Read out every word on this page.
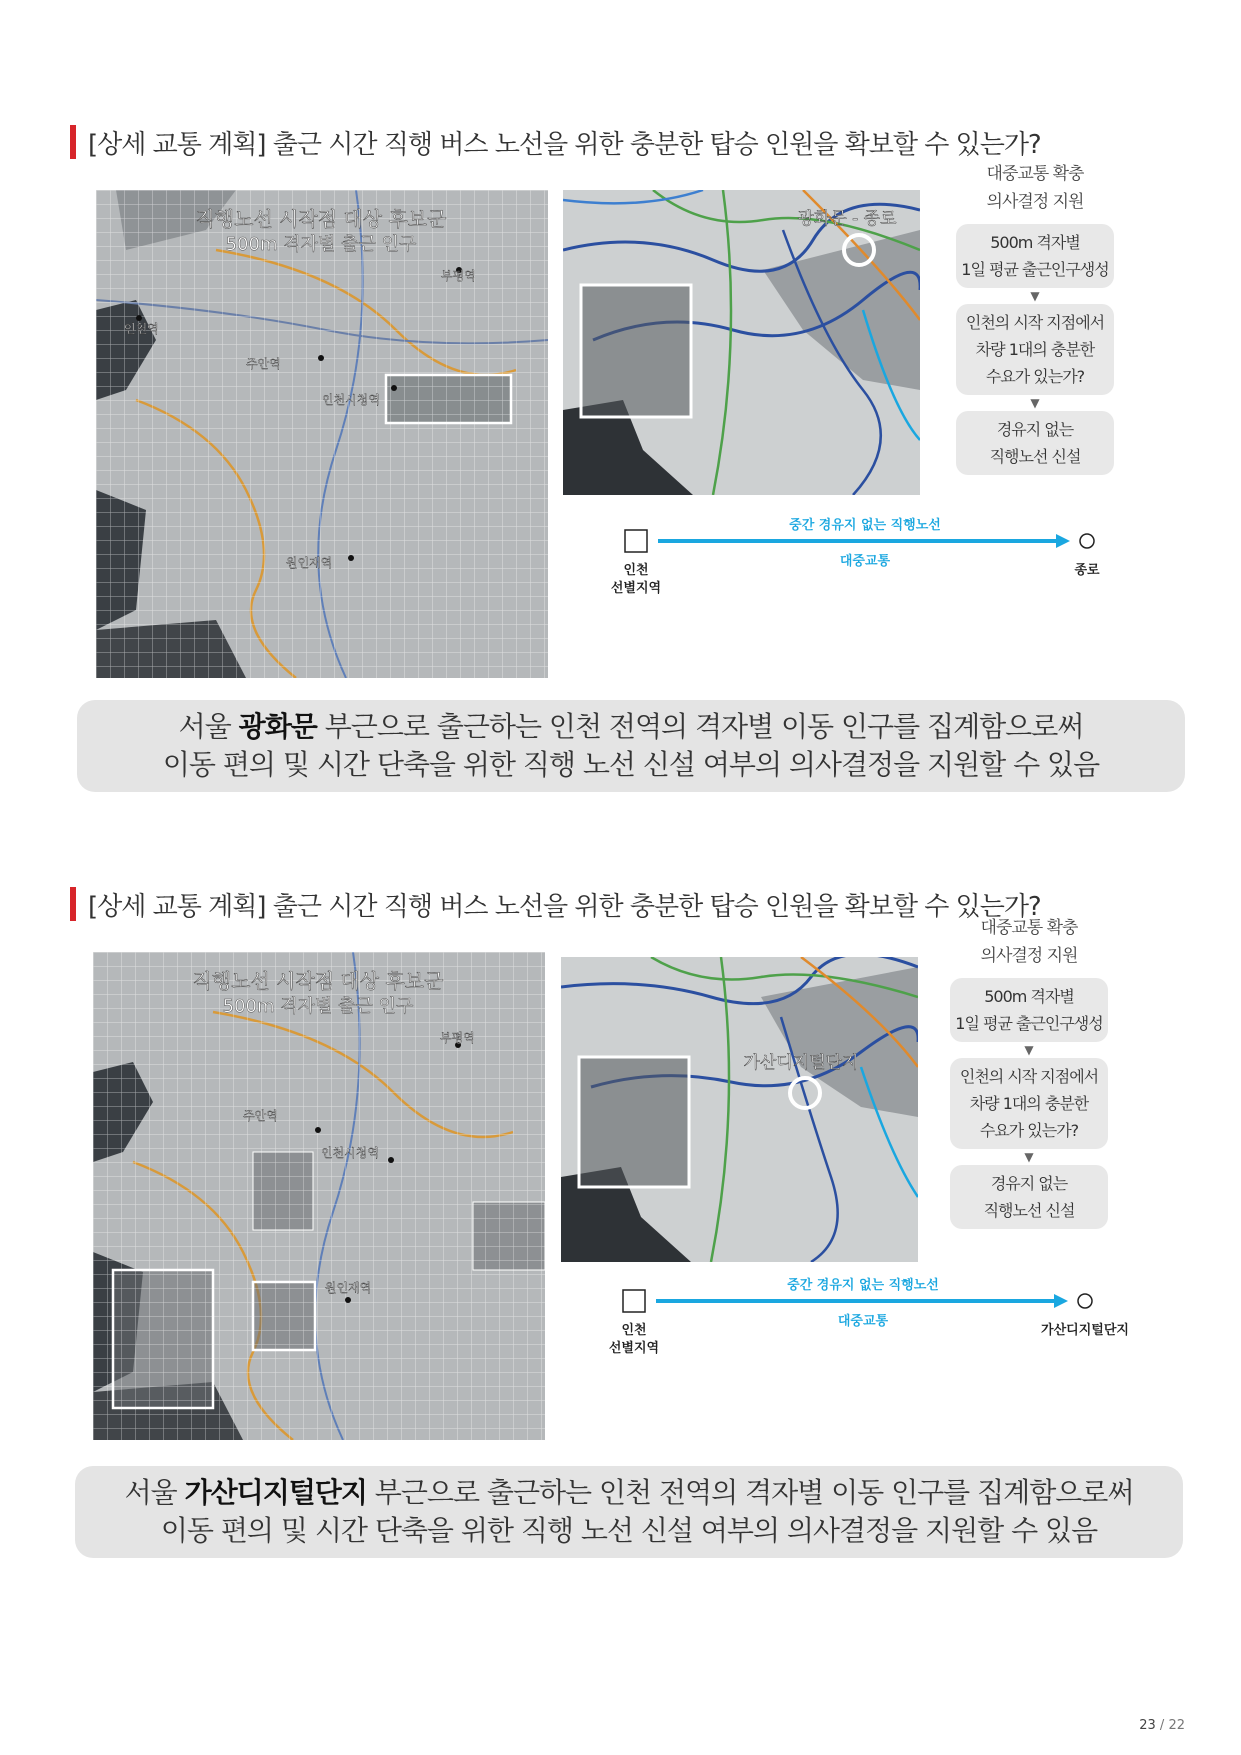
[상세 교통 계획] 출근 시간 직행 버스 노선을 위한 충분한 탑승 인원을 확보할 수 있는가?
직행노선 시작점 대상 후보군
500m 격자별 출근 인구
부평역
인천역
주안역
인천시청역
원인재역
광화문 - 종로
대중교통 확충
의사결정 지원
500m 격자별
1일 평균 출근인구생성
▼
인천의 시작 지점에서
차량 1대의 충분한
수요가 있는가?
▼
경유지 없는
직행노선 신설
중간 경유지 없는 직행노선
대중교통
인천
선별지역
종로
서울 광화문 부근으로 출근하는 인천 전역의 격자별 이동 인구를 집계함으로써
이동 편의 및 시간 단축을 위한 직행 노선 신설 여부의 의사결정을 지원할 수 있음
[상세 교통 계획] 출근 시간 직행 버스 노선을 위한 충분한 탑승 인원을 확보할 수 있는가?
직행노선 시작점 대상 후보군
500m 격자별 출근 인구
부평역
주안역
인천시청역
원인재역
가산디지털단지
대중교통 확충
의사결정 지원
500m 격자별
1일 평균 출근인구생성
▼
인천의 시작 지점에서
차량 1대의 충분한
수요가 있는가?
▼
경유지 없는
직행노선 신설
중간 경유지 없는 직행노선
대중교통
인천
선별지역
가산디지털단지
서울 가산디지털단지 부근으로 출근하는 인천 전역의 격자별 이동 인구를 집계함으로써
이동 편의 및 시간 단축을 위한 직행 노선 신설 여부의 의사결정을 지원할 수 있음
23 / 22
